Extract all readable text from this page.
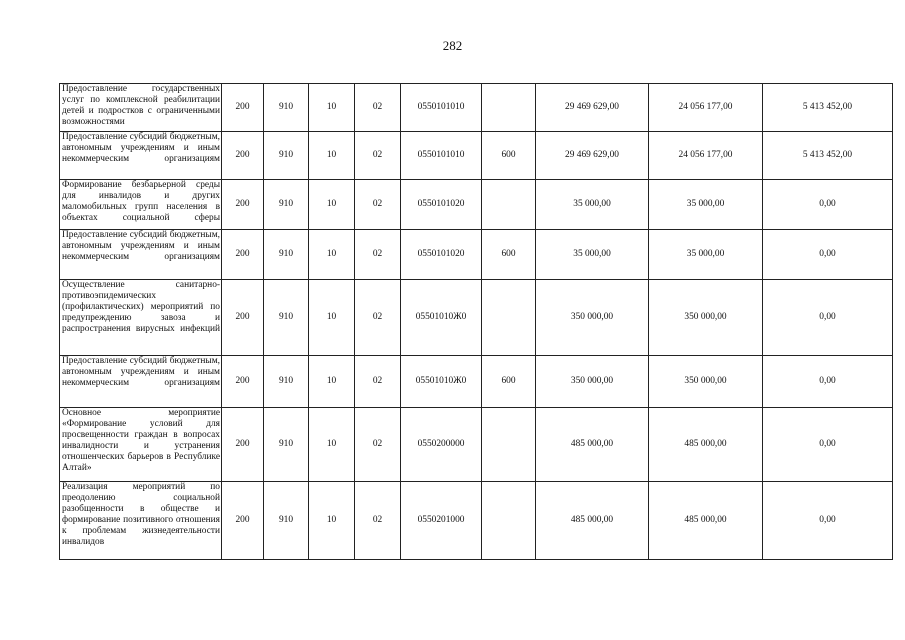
282
Предоставление государственных услуг по комплексной реабилитации детей и подростков с ограниченными возможностями	200	910	10	02	0550101010		29 469 629,00	24 056 177,00	5 413 452,00
Предоставление субсидий бюджетным, автономным учреждениям и иным некоммерческим организациям	200	910	10	02	0550101010	600	29 469 629,00	24 056 177,00	5 413 452,00
Формирование безбарьерной среды для инвалидов и других маломобильных групп населения в объектах социальной сферы	200	910	10	02	0550101020		35 000,00	35 000,00	0,00
Предоставление субсидий бюджетным, автономным учреждениям и иным некоммерческим организациям	200	910	10	02	0550101020	600	35 000,00	35 000,00	0,00
Осуществление санитарно-противоэпидемических (профилактических) мероприятий по предупреждению завоза и распространения вирусных инфекций	200	910	10	02	05501010Ж0		350 000,00	350 000,00	0,00
Предоставление субсидий бюджетным, автономным учреждениям и иным некоммерческим организациям	200	910	10	02	05501010Ж0	600	350 000,00	350 000,00	0,00
Основное мероприятие «Формирование условий для просвещенности граждан в вопросах инвалидности и устранения отношенческих барьеров в Республике Алтай»	200	910	10	02	0550200000		485 000,00	485 000,00	0,00
Реализация мероприятий по преодолению социальной разобщенности в обществе и формирование позитивного отношения к проблемам жизнедеятельности инвалидов	200	910	10	02	0550201000		485 000,00	485 000,00	0,00
